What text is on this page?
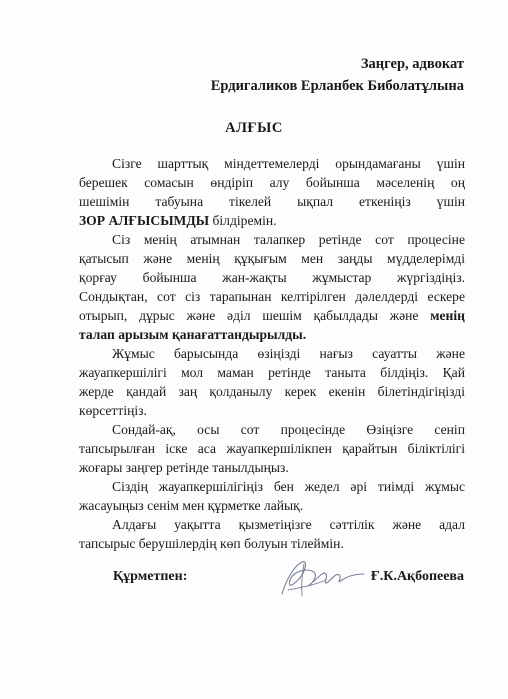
Заңгер, адвокат
Ердигаликов Ерланбек Биболатұлына
АЛҒЫС
Сізге шарттық міндеттемелерді орындамағаны үшін
берешек сомасын өндіріп алу бойынша мәселенің оң
шешімін табуына тікелей ықпал еткеніңіз үшін
ЗОР АЛҒЫСЫМДЫ білдіремін.
Сіз менің атымнан талапкер ретінде сот процесіне
қатысып және менің құқығым мен заңды мүдделерімді
қорғау бойынша жан-жақты жұмыстар жүргіздіңіз.
Сондықтан, сот сіз тарапынан келтірілген дәлелдерді ескере
отырып, дұрыс және әділ шешім қабылдады және менің
талап арызым қанағаттандырылды.
Жұмыс барысында өзіңізді нағыз сауатты және
жауапкершілігі мол маман ретінде таныта білдіңіз. Қай
жерде қандай заң қолданылу керек екенін білетіндігіңізді
көрсеттіңіз.
Сондай-ақ, осы сот процесінде Өзіңізге сеніп
тапсырылған іске аса жауапкершілікпен қарайтын біліктілігі
жоғары заңгер ретінде танылдыңыз.
Сіздің жауапкершілігіңіз бен жедел әрі тиімді жұмыс
жасауыңыз сенім мен құрметке лайық.
Алдағы уақытта қызметіңізге сәттілік және адал
тапсырыс берушілердің көп болуын тілеймін.
Құрметпен:	Ғ.К.Ақбопеева
